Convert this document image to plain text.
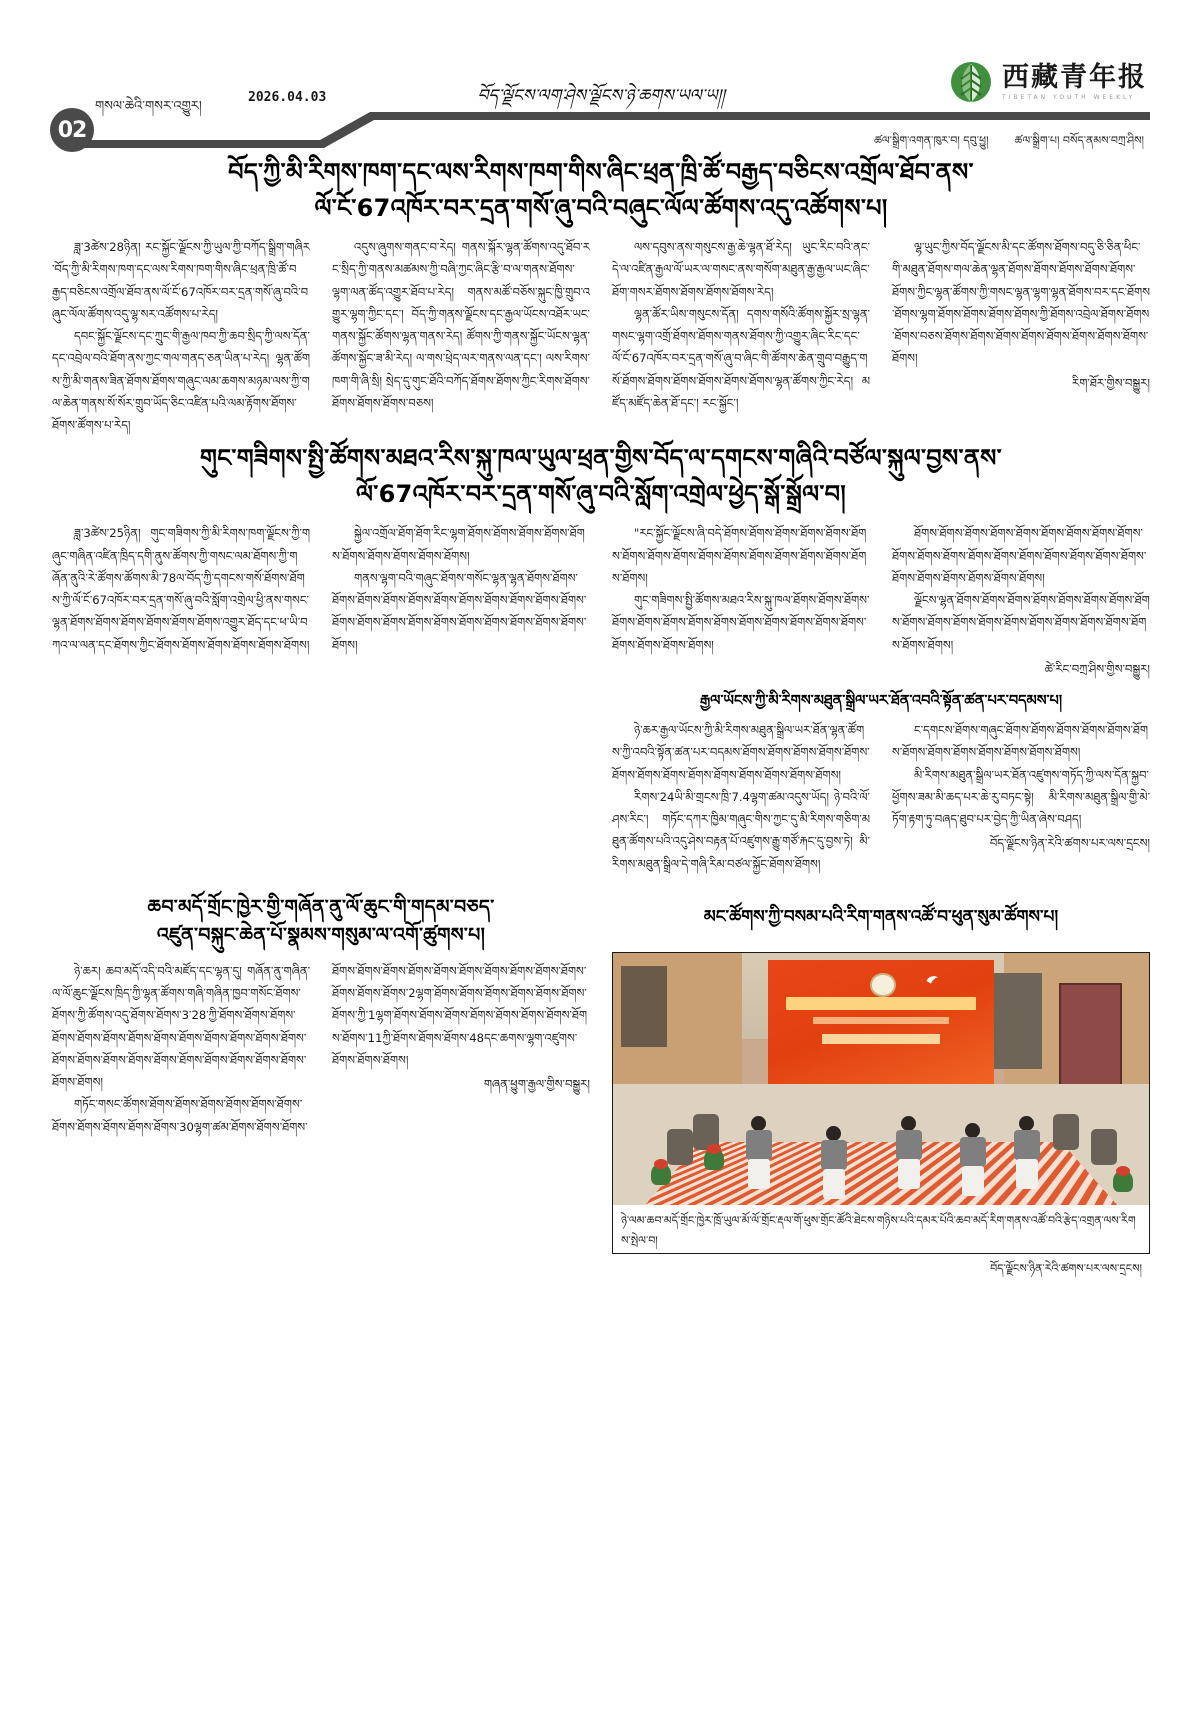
02
གསལ་ཆེའི་གསར་འགྱུར།
2026.04.03	བོད་ལྗོངས་ལག་ཤེས་ལྗོངས་ཉེ་ཆགས་ཡལ་ཡ།།
西藏青年报
TIBETAN YOUTH WEEKLY
ཚལ་སྒྲིག་འགན་ཁུར་བ། དབུ་ཕྱུ། ཚལ་སྒྲིག་པ། བསོད་ནམས་བཀྲ་ཤིས།
བོད་ཀྱི་མི་རིགས་ཁག་དང་ལས་རིགས་ཁག་གིས་ཞིང་ཕྲན་ཁྲི་ཚོ་བརྒྱད་བཅིངས་འགྲོལ་ཐོབ་ནས་
ལོ་ངོ་67འཁོར་བར་དྲན་གསོ་ཞུ་བའི་བཞུང་ལོལ་ཚོགས་འདུ་འཚོགས་པ།

ཟླ་3ཚེས་28ཉིན། རང་སྐྱོང་ལྗོངས་ཀྱི་ཡུལ་ཀྱི་བཀོད་སྒྲིག་གཞིར་བོད་ཀྱི་མི་རིགས་ཁག་དང་ལས་རིགས་ཁག་གིས་ཞིང་ཕྲན་ཁྲི་ཚོ་བརྒྱད་བཅིངས་འགྲོལ་ཐོབ་ནས་ལོ་ངོ་67འཁོར་བར་དྲན་གསོ་ཞུ་བའི་བཞུང་ལོལ་ཚོགས་འདུ་ལྷ་སར་འཚོགས་པ་རེད།

དབང་སྐྱོང་ལྗོངས་དང་ཀྲུང་གི་རྒྱལ་ཁབ་ཀྱི་ཆབ་སྲིད་ཀྱི་ལས་དོན་དང་འབྲེལ་བའི་ཐོག་ནས་ཀྱང་གལ་གནད་ཅན་ཡིན་པ་རེད། ལྷན་ཚོགས་ཀྱི་མི་གནས་ཟིན་ཐོགས་ཐོགས་གཞུང་ལམ་ཆགས་མཉམ་ལས་ཀྱི་གལ་ཆེན་གནས་སོ་སོར་གྲུབ་ཡོད་ཅིང་འཛིན་པའི་ལམ་རྟོགས་ཐོགས་ཐོགས་ཚོགས་པ་རེད།

འདུས་ཞུགས་གནང་བ་རེད། གནས་སྐོར་ལྷན་ཚོགས་འདུ་ཐོབ་རང་སྲིད་ཀྱི་གནས་མཚམས་ཀྱི་བཞི་ཀྱང་ཞིང་རྩི་བ་ལ་གནས་ཐོགས་ལྷག་ལན་ཚོད་འགྱུར་ཐོབ་པ་རེད། གནས་མཚོ་བཅོས་སྐུང་ཁྱི་གྲུབ་འགྱུར་ལྷག་ཀྱིང་དང་། བོད་ཀྱི་གནས་ལྗོངས་དང་རྒྱལ་ཡོངས་འཐོར་ཡང་གནས་སྐྱོང་ཚོགས་ལྷན་གནས་རེད། ཚོགས་ཀྱི་གནས་སྐྱོང་ཡོངས་ལྷན་ཚོགས་སྐྱོང་ཟ་མི་རེད། ལ་གས་ཕྲེད་ལར་གནས་ལན་དང་། ལས་རིགས་ཁག་གི་ཞི་སྲི། སྲེད་དུ་གུང་ཐོའི་བཀོད་ཐོགས་ཐོགས་ཀྱིང་རིགས་ཐོགས་ཐོགས་ཐོགས་ཐོགས་བཅས།

ལས་དབུས་ནས་གསུངས་རྒྱ་ཆེ་ལྷན་ཐོ་རེད། ཡུང་རིང་བའི་ནང་དེ་ལ་འཛིན་རྒྱལ་ལོ་ཡར་ལ་གསང་ནས་གསོག་མཐུན་རྒྱ་རྒྱལ་ཡང་ཞིང་ཐོག་གསར་ཐོགས་ཐོགས་ཐོགས་ཐོགས་རེད།

ལྷན་ཚོར་ཡིས་གསུངས་དོན། དགས་གསོའི་ཚོགས་སྐྱོར་སྲ་ལྷན་གསང་ལྷག་འགྲོ་ཐོགས་ཐོགས་གནས་ཐོགས་ཀྱི་འགྱུར་ཞིང་རིང་དང་ལོ་ངོ་67འཁོར་བར་དྲན་གསོ་ཞུ་བ་ཞིང་གི་ཚོགས་ཆེན་གྲུབ་བརྒྱུད་གསོ་ཐོགས་ཐོགས་ཐོགས་ཐོགས་ཐོགས་ཐོགས་ལྷན་ཚོགས་ཀྱིང་རེད། མཛོད་མཛོད་ཆེན་ཐོ་དང་། རང་སྐྱོང་།

ལྷ་ཡུང་ཀྱིས་བོད་ལྗོངས་མི་དང་ཚོགས་ཐོགས་བདུ་ཅི་ཅིན་ཕིང་གི་མཐུན་ཐོགས་གལ་ཆེན་ལྷན་ཐོགས་ཐོགས་ཐོགས་ཐོགས་ཐོགས་ཐོགས་ཀྱིང་ལྷན་ཚོགས་ཀྱི་གསང་ལྷན་ལྷག་ལྷན་ཐོགས་བར་དང་ཐོགས་ཐོགས་ལྷག་ཐོགས་ཐོགས་ཐོགས་ཐོགས་ཀྱི་ཐོགས་འབྲེལ་ཐོགས་ཐོགས་ཐོགས་བཅས་ཐོགས་ཐོགས་ཐོགས་ཐོགས་ཐོགས་ཐོགས་ཐོགས་ཐོགས་ཐོགས།

རིག་ཐོར་གྱིས་བསྒྱུར།
གུང་གཟིགས་སྤྱི་ཚོགས་མཐའ་རིས་སྐུ་ཁལ་ཡུལ་ཕྲན་གྱིས་བོད་ལ་དགངས་གཞིའི་བཙོལ་སྐུལ་བྱས་ནས་
ལོ་67འཁོར་བར་དྲན་གསོ་ཞུ་བའི་སློག་འགྲེལ་ཕྱེད་སྒོ་སྒྲོལ་བ།

ཟླ་3ཚེས་25ཉིན། གུང་གཟིགས་ཀྱི་མི་རིགས་ཁག་ལྗོངས་ཀྱི་གཞུང་གཞིན་འཛིན་ཁྲིད་དགི་ནུས་ཚོགས་ཀྱི་གསང་ལམ་ཐོགས་ཀྱི་གཞོན་ནུའི་རེ་ཚོགས་ཚོགས་མི་78ལ་བོད་ཀྱི་དགངས་གསོ་ཐོགས་ཐོགས་ཀྱི་ལོ་ངོ་67འཁོར་བར་དྲན་གསོ་ཞུ་བའི་སློག་འགྲེལ་ཕྱི་ནས་གསང་ལྷན་ཐོགས་ཐོགས་ཐོགས་ཐོགས་ཐོགས་ཐོགས་འགྱུར་ཐོད་དང་ཕ་ཡི་བཀའ་ལ་ལན་དང་ཐོགས་ཀྱིང་ཐོགས་ཐོགས་ཐོགས་ཐོགས་ཐོགས་ཐོགས།

སྐྱེལ་འགྲོལ་ཐོག་ཐོག་རིང་ལྷག་ཐོགས་ཐོགས་ཐོགས་ཐོགས་ཐོགས་ཐོགས་ཐོགས་ཐོགས་ཐོགས་ཐོགས།

གནས་ལྷག་བའི་གཞུང་ཐོགས་གསོང་ལྷན་ལྷན་ཐོགས་ཐོགས་ཐོགས་ཐོགས་ཐོགས་ཐོགས་ཐོགས་ཐོགས་ཐོགས་ཐོགས་ཐོགས་ཐོགས་ཐོགས་ཐོགས་ཐོགས་ཐོགས་ཐོགས་ཐོགས་ཐོགས་ཐོགས་ཐོགས་ཐོགས་ཐོགས།

"རང་སྐྱོང་ལྗོངས་ཞི་བདེ་ཐོགས་ཐོགས་ཐོགས་ཐོགས་ཐོགས་ཐོགས་ཐོགས་ཐོགས་ཐོགས་ཐོགས་ཐོགས་ཐོགས་ཐོགས་ཐོགས་ཐོགས་ཐོགས་ཐོགས།

གུང་གཟིགས་སྤྱི་ཚོགས་མཐའ་རིས་སྐུ་ཁལ་ཐོགས་ཐོགས་ཐོགས་ཐོགས་ཐོགས་ཐོགས་ཐོགས་ཐོགས་ཐོགས་ཐོགས་ཐོགས་ཐོགས་ཐོགས་ཐོགས་ཐོགས་ཐོགས་ཐོགས།

ཐོགས་ཐོགས་ཐོགས་ཐོགས་ཐོགས་ཐོགས་ཐོགས་ཐོགས་ཐོགས་ཐོགས་ཐོགས་ཐོགས་ཐོགས་ཐོགས་ཐོགས་ཐོགས་ཐོགས་ཐོགས་ཐོགས་ཐོགས་ཐོགས་ཐོགས་ཐོགས་ཐོགས་ཐོགས།

ལྗོངས་ལྷན་ཐོགས་ཐོགས་ཐོགས་ཐོགས་ཐོགས་ཐོགས་ཐོགས་ཐོགས་ཐོགས་ཐོགས་ཐོགས་ཐོགས་ཐོགས་ཐོགས་ཐོགས་ཐོགས་ཐོགས་ཐོགས་ཐོགས་ཐོགས།

ཚེ་རིང་བཀྲ་ཤིས་གྱིས་བསྒྱུར།
རྒྱལ་ཡོངས་ཀྱི་མི་རིགས་མཐུན་སྒྲིལ་ཡར་ཐོན་འབའི་སྟོན་ཚན་པར་བདམས་པ།

ཉེ་ཆར་རྒྱལ་ཡོངས་ཀྱི་མི་རིགས་མཐུན་སྒྲིལ་ཡར་ཐོན་ལྷན་ཚོགས་ཀྱི་འབའི་སྟོན་ཚན་པར་བདམས་ཐོགས་ཐོགས་ཐོགས་ཐོགས་ཐོགས་ཐོགས་ཐོགས་ཐོགས་ཐོགས་ཐོགས་ཐོགས་ཐོགས་ཐོགས་ཐོགས།

རིགས་24ཡི་མི་གྲངས་ཁྲི་7.4ལྷག་ཚམ་འདུས་ཡོད། ཉེ་བའི་ལོ་ཤས་རིང་། གཏོང་དཀར་ཁྱིམ་གཞུང་གིས་ཀྱང་དུ་མི་རིགས་གཅིག་མཐུན་ཚོགས་པའི་འདུ་ཤེས་བརྟན་པོ་འཛུགས་རྒྱུ་གཙོ་རྐང་དུ་བྱས་ཏེ། མི་རིགས་མཐུན་སྒྲིལ་དེ་གཞི་རིམ་བཙལ་སྐྱོང་ཐོགས་ཐོགས།

ང་དགངས་ཐོགས་གཞུང་ཐོགས་ཐོགས་ཐོགས་ཐོགས་ཐོགས་ཐོགས་ཐོགས་ཐོགས་ཐོགས་ཐོགས་ཐོགས་ཐོགས་ཐོགས།

མི་རིགས་མཐུན་སྒྲིལ་ཡར་ཐོན་འཛུགས་གཏོད་ཀྱི་ལས་དོན་སྐྱབ་ཕྱོགས་ཟམ་མི་ཆད་པར་ཆེ་རུ་བཏང་སྟེ། མི་རིགས་མཐུན་སྒྲིལ་གྱི་མེ་ཏོག་རྟག་ཏུ་བཞད་ཐུབ་པར་བྱེད་ཀྱི་ཡིན་ཞེས་བཤད།

བོད་ལྗོངས་ཉིན་རེའི་ཚགས་པར་ལས་དྲངས།
ཆབ་མདོ་གྲོང་ཁྱེར་གྱི་གཞོན་ནུ་ལོ་ཆུང་གི་གདམ་བཅད་
འཛུན་བསྐུང་ཆེན་པོ་སྣམས་གསུམ་ལ་འགོ་ཚུགས་པ།

ཉེ་ཆར། ཆབ་མདོ་འདི་བའི་མཛོད་དང་ལྷན་དུ། གཞོན་ནུ་གཞིན་ལ་ལོ་ཆུང་ལྗོངས་ཁྲིད་ཀྱི་ལྷན་ཚོགས་གཞི་གཞིན་ཁྱབ་གསོང་ཐོགས་ཐོགས་ཀྱི་ཚོགས་འདུ་ཐོགས་ཐོགས་3་28་ཀྱི་ཐོགས་ཐོགས་ཐོགས་ཐོགས་ཐོགས་ཐོགས་ཐོགས་ཐོགས་ཐོགས་ཐོགས་ཐོགས་ཐོགས་ཐོགས་ཐོགས་ཐོགས་ཐོགས་ཐོགས་ཐོགས་ཐོགས་ཐོགས་ཐོགས་ཐོགས་ཐོགས་ཐོགས་ཐོགས།

གཏོང་གསང་ཚོགས་ཐོགས་ཐོགས་ཐོགས་ཐོགས་ཐོགས་ཐོགས་ཐོགས་ཐོགས་ཐོགས་ཐོགས་ཐོགས་30ལྷག་ཚམ་ཐོགས་ཐོགས་ཐོགས་ཐོགས་ཐོགས་ཐོགས་ཐོགས་ཐོགས་ཐོགས་ཐོགས་ཐོགས་ཐོགས་ཐོགས་ཐོགས་ཐོགས་ཐོགས་2ལྷག་ཐོགས་ཐོགས་ཐོགས་ཐོགས་ཐོགས་ཐོགས་ཐོགས་ཀྱི་1ལྷག་ཐོགས་ཐོགས་ཐོགས་ཐོགས་ཐོགས་ཐོགས་ཐོགས་ཐོགས་ཐོགས་11ཀྱི་ཐོགས་ཐོགས་ཐོགས་48དང་ཆགས་ལྷག་འཛུགས་ཐོགས་ཐོགས་ཐོགས།

གཞན་ཕྱུག་རྒྱལ་གྱིས་བསྒྱུར།
མང་ཚོགས་ཀྱི་བསམ་པའི་རིག་གནས་འཚོ་བ་ཕུན་སུམ་ཚོགས་པ།
ཉེ་ལམ་ཆབ་མདོ་གྲོང་ཁྱེར་ཁྲོ་ཡུལ་མོ་ལོ་གྲོང་རྡལ་གོ་ཕུས་གྲོང་ཚོའི་ཐེངས་གཉིས་པའི་དམར་པོའི་ཆབ་མདོ་རིག་གནས་འཚོ་བའི་རྩེད་འགྲན་ལས་རིགས་སྤེལ་བ།
བོད་ལྗོངས་ཉིན་རེའི་ཚགས་པར་ལས་དྲངས།
